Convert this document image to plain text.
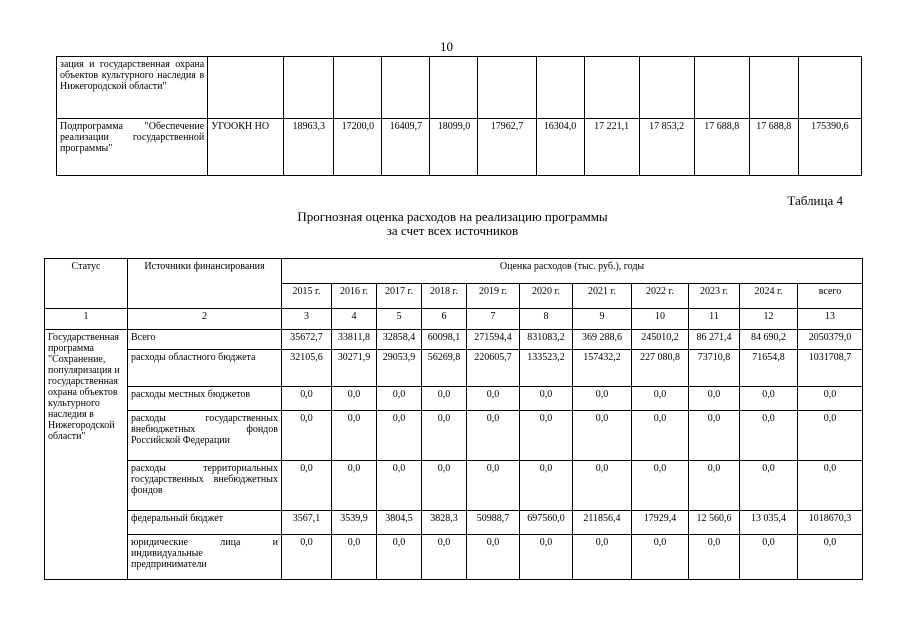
10
зация и государственная охрана объектов культурного наследия в Нижегородской области"												
Подпрограмма "Обеспечение реализации государственной программы"	УГООКН НО	18963,3	17200,0	16409,7	18099,0	17962,7	16304,0	17 221,1	17 853,2	17 688,8	17 688,8	175390,6
Таблица 4
Прогнозная оценка расходов на реализацию программы
за счет всех источников
Статус	Источники финансирования	Оценка расходов (тыс. руб.), годы										
		2015 г.	2016 г.	2017 г.	2018 г.	2019 г.	2020 г.	2021 г.	2022 г.	2023 г.	2024 г.	всего
1	2	3	4	5	6	7	8	9	10	11	12	13
Государственная программа "Сохранение, популяризация и государственная охрана объектов культурного наследия в Нижегородской области"	Всего	35672,7	33811,8	32858,4	60098,1	271594,4	831083,2	369 288,6	245010,2	86 271,4	84 690,2	2050379,0
	расходы областного бюджета	32105,6	30271,9	29053,9	56269,8	220605,7	133523,2	157432,2	227 080,8	73710,8	71654,8	1031708,7
	расходы местных бюджетов	0,0	0,0	0,0	0,0	0,0	0,0	0,0	0,0	0,0	0,0	0,0
	расходы государственных внебюджетных фондов Российской Федерации	0,0	0,0	0,0	0,0	0,0	0,0	0,0	0,0	0,0	0,0	0,0
	расходы территориальных государственных внебюджетных фондов	0,0	0,0	0,0	0,0	0,0	0,0	0,0	0,0	0,0	0,0	0,0
	федеральный бюджет	3567,1	3539,9	3804,5	3828,3	50988,7	697560,0	211856,4	17929,4	12 560,6	13 035,4	1018670,3
	юридические лица и индивидуальные предприниматели	0,0	0,0	0,0	0,0	0,0	0,0	0,0	0,0	0,0	0,0	0,0
